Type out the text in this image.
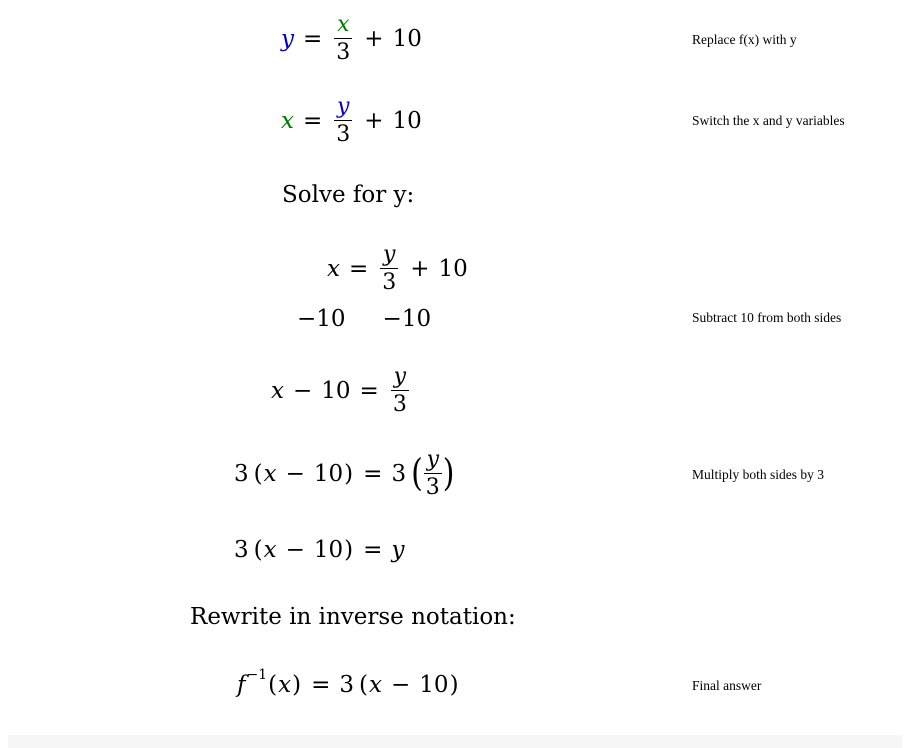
$y = \frac{x}{3} + 10$	Replace f(x) with y
$x = \frac{y}{3} + 10$	Switch the x and y variables
Solve for y:
$x = \frac{y}{3} + 10$
−10 −10	Subtract 10 from both sides
$x - 10 = \frac{y}{3}$
3 ( x − 10 ) = 3 ( $\frac{y}{3}$ )	Multiply both sides by 3
3 ( x − 10 ) = y
Rewrite in inverse notation:
f −1 ( x ) = 3 ( x − 10 )	Final answer
